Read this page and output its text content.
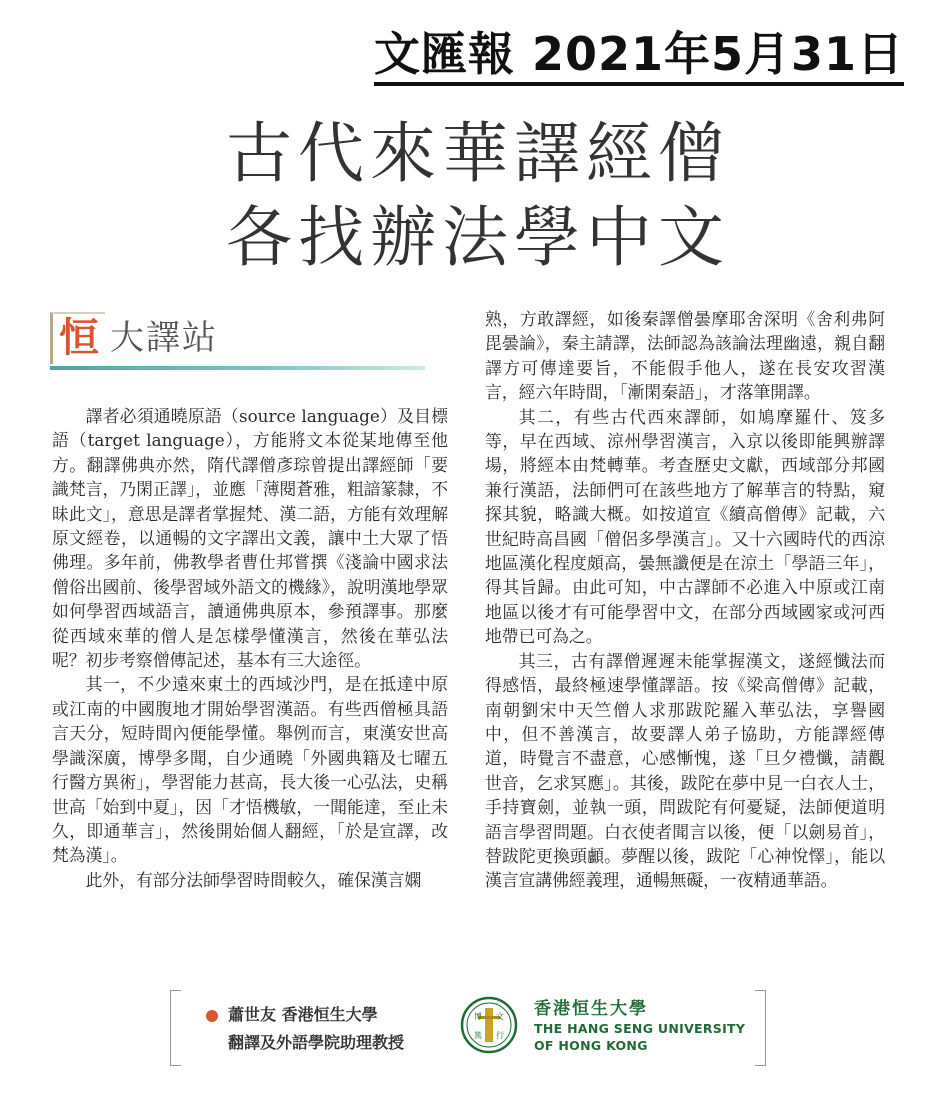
文匯報 2021年5月31日
古代來華譯經僧
各找辦法學中文
恒 大譯站

譯者必須通曉原語（source language）及目標語（target language），方能將文本從某地傳至他方。翻譯佛典亦然，隋代譯僧彥琮曾提出譯經師「要識梵言，乃閑正譯」，並應「薄閱蒼雅，粗諳篆隸，不昧此文」，意思是譯者掌握梵、漢二語，方能有效理解原文經卷，以通暢的文字譯出文義，讓中土大眾了悟佛理。多年前，佛教學者曹仕邦嘗撰《淺論中國求法僧俗出國前、後學習域外語文的機緣》，說明漢地學眾如何學習西域語言，讀通佛典原本，參預譯事。那麼從西域來華的僧人是怎樣學懂漢言，然後在華弘法呢？初步考察僧傳記述，基本有三大途徑。

其一，不少遠來東土的西域沙門，是在抵達中原或江南的中國腹地才開始學習漢語。有些西僧極具語言天分，短時間內便能學懂。舉例而言，東漢安世高學識深廣，博學多聞，自少通曉「外國典籍及七曜五行醫方異術」，學習能力甚高，長大後一心弘法，史稱世高「始到中夏」，因「才悟機敏，一聞能達，至止未久，即通華言」，然後開始個人翻經，「於是宣譯，改梵為漢」。

此外，有部分法師學習時間較久，確保漢言嫻

熟，方敢譯經，如後秦譯僧曇摩耶舍深明《舍利弗阿毘曇論》，秦主請譯，法師認為該論法理幽遠，親自翻譯方可傳達要旨，不能假手他人，遂在長安攻習漢言，經六年時間，「漸閑秦語」，才落筆開譯。

其二，有些古代西來譯師，如鳩摩羅什、笈多等，早在西域、涼州學習漢言，入京以後即能興辦譯場，將經本由梵轉華。考查歷史文獻，西域部分邦國兼行漢語，法師們可在該些地方了解華言的特點，窺探其貌，略識大概。如按道宣《續高僧傳》記載，六世紀時高昌國「僧侶多學漢言」。又十六國時代的西涼地區漢化程度頗高，曇無讖便是在涼土「學語三年」，得其旨歸。由此可知，中古譯師不必進入中原或江南地區以後才有可能學習中文，在部分西域國家或河西地帶已可為之。

其三，古有譯僧遲遲未能掌握漢文，遂經懺法而得感悟，最終極速學懂譯語。按《梁高僧傳》記載，南朝劉宋中天竺僧人求那跋陀羅入華弘法，享譽國中，但不善漢言，故要譯人弟子協助，方能譯經傳道，時覺言不盡意，心感慚愧，遂「旦夕禮懺，請觀世音，乞求冥應」。其後，跋陀在夢中見一白衣人士，手持寶劍，並執一頭，問跋陀有何憂疑，法師便道明語言學習問題。白衣使者聞言以後，便「以劍易首」，替跋陀更換頭顱。夢醒以後，跋陀「心神悅懌」，能以漢言宣講佛經義理，通暢無礙，一夜精通華語。

蕭世友 香港恒生大學
翻譯及外語學院助理教授
博 文
篤 行
香港恒生大學
THE HANG SENG UNIVERSITY
OF HONG KONG
